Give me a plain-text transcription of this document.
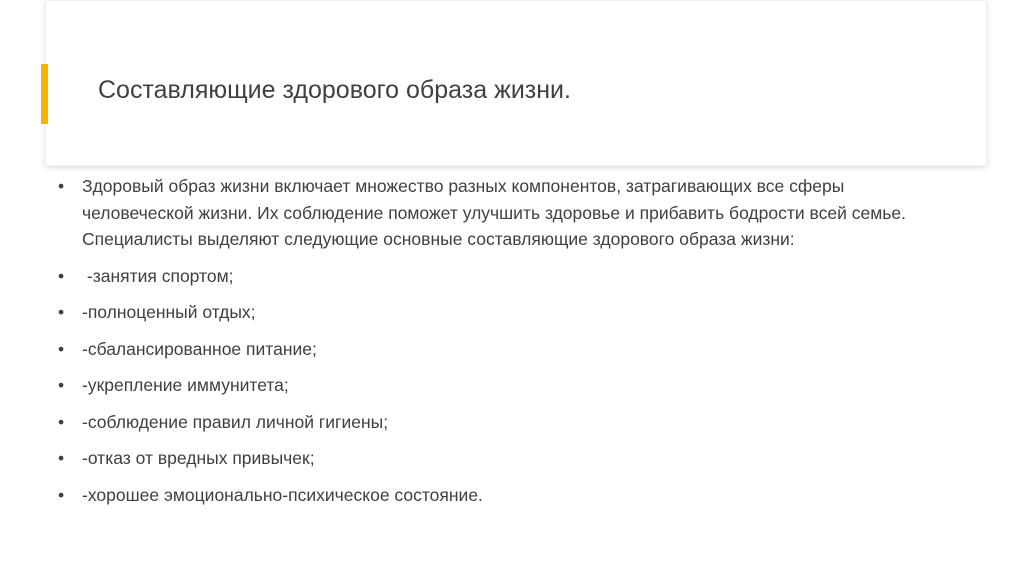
Составляющие здорового образа жизни.
•	Здоровый образ жизни включает множество разных компонентов, затрагивающих все сферы человеческой жизни. Их соблюдение поможет улучшить здоровье и прибавить бодрости всей семье. Специалисты выделяют следующие основные составляющие здорового образа жизни:
•	-занятия спортом;
•	-полноценный отдых;
•	-сбалансированное питание;
•	-укрепление иммунитета;
•	-соблюдение правил личной гигиены;
•	-отказ от вредных привычек;
•	-хорошее эмоционально-психическое состояние.
